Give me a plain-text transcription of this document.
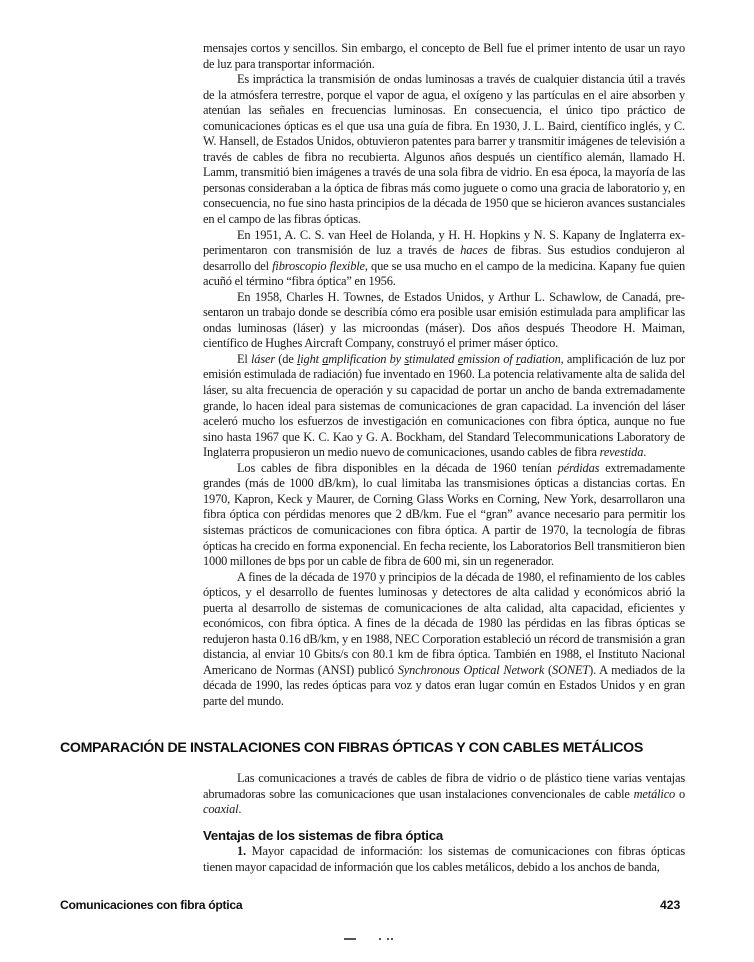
mensajes cortos y sencillos. Sin embargo, el concepto de Bell fue el primer intento de usar un rayo de luz para transportar información.

Es impráctica la transmisión de ondas luminosas a través de cualquier distancia útil a través de la atmósfera terrestre, porque el vapor de agua, el oxígeno y las partículas en el aire absorben y atenúan las señales en frecuencias luminosas. En consecuencia, el único tipo práctico de comunicaciones ópticas es el que usa una guía de fibra. En 1930, J. L. Baird, científico inglés, y C. W. Hansell, de Estados Unidos, obtuvieron patentes para barrer y transmitir imágenes de televisión a través de cables de fibra no recubierta. Algunos años después un científico alemán, llamado H. Lamm, transmitió bien imágenes a través de una sola fibra de vidrio. En esa época, la mayoría de las personas consideraban a la óptica de fibras más como juguete o como una gracia de laboratorio y, en consecuencia, no fue sino hasta principios de la década de 1950 que se hicieron avances sustanciales en el campo de las fibras ópticas.

En 1951, A. C. S. van Heel de Holanda, y H. H. Hopkins y N. S. Kapany de Inglaterra experimentaron con transmisión de luz a través de haces de fibras. Sus estudios condujeron al desarrollo del fibroscopio flexible, que se usa mucho en el campo de la medicina. Kapany fue quien acuñó el término “fibra óptica” en 1956.

En 1958, Charles H. Townes, de Estados Unidos, y Arthur L. Schawlow, de Canadá, presentaron un trabajo donde se describía cómo era posible usar emisión estimulada para amplificar las ondas luminosas (láser) y las microondas (máser). Dos años después Theodore H. Maiman, científico de Hughes Aircraft Company, construyó el primer máser óptico.

El láser (de light amplification by stimulated emission of radiation, amplificación de luz por emisión estimulada de radiación) fue inventado en 1960. La potencia relativamente alta de salida del láser, su alta frecuencia de operación y su capacidad de portar un ancho de banda extremadamente grande, lo hacen ideal para sistemas de comunicaciones de gran capacidad. La invención del láser aceleró mucho los esfuerzos de investigación en comunicaciones con fibra óptica, aunque no fue sino hasta 1967 que K. C. Kao y G. A. Bockham, del Standard Telecommunications Laboratory de Inglaterra propusieron un medio nuevo de comunicaciones, usando cables de fibra revestida.

Los cables de fibra disponibles en la década de 1960 tenían pérdidas extremadamente grandes (más de 1000 dB/km), lo cual limitaba las transmisiones ópticas a distancias cortas. En 1970, Kapron, Keck y Maurer, de Corning Glass Works en Corning, New York, desarrollaron una fibra óptica con pérdidas menores que 2 dB/km. Fue el “gran” avance necesario para permitir los sistemas prácticos de comunicaciones con fibra óptica. A partir de 1970, la tecnología de fibras ópticas ha crecido en forma exponencial. En fecha reciente, los Laboratorios Bell transmitieron bien 1000 millones de bps por un cable de fibra de 600 mi, sin un regenerador.

A fines de la década de 1970 y principios de la década de 1980, el refinamiento de los cables ópticos, y el desarrollo de fuentes luminosas y detectores de alta calidad y económicos abrió la puerta al desarrollo de sistemas de comunicaciones de alta calidad, alta capacidad, eficientes y económicos, con fibra óptica. A fines de la década de 1980 las pérdidas en las fibras ópticas se redujeron hasta 0.16 dB/km, y en 1988, NEC Corporation estableció un récord de transmisión a gran distancia, al enviar 10 Gbits/s con 80.1 km de fibra óptica. También en 1988, el Instituto Nacional Americano de Normas (ANSI) publicó Synchronous Optical Network (SONET). A mediados de la década de 1990, las redes ópticas para voz y datos eran lugar común en Estados Unidos y en gran parte del mundo.

COMPARACIÓN DE INSTALACIONES CON FIBRAS ÓPTICAS Y CON CABLES METÁLICOS

Las comunicaciones a través de cables de fibra de vidrio o de plástico tiene varias ventajas abrumadoras sobre las comunicaciones que usan instalaciones convencionales de cable metálico o coaxial.

Ventajas de los sistemas de fibra óptica

1. Mayor capacidad de información: los sistemas de comunicaciones con fibras ópticas tienen mayor capacidad de información que los cables metálicos, debido a los anchos de banda,

Comunicaciones con fibra óptica	423
